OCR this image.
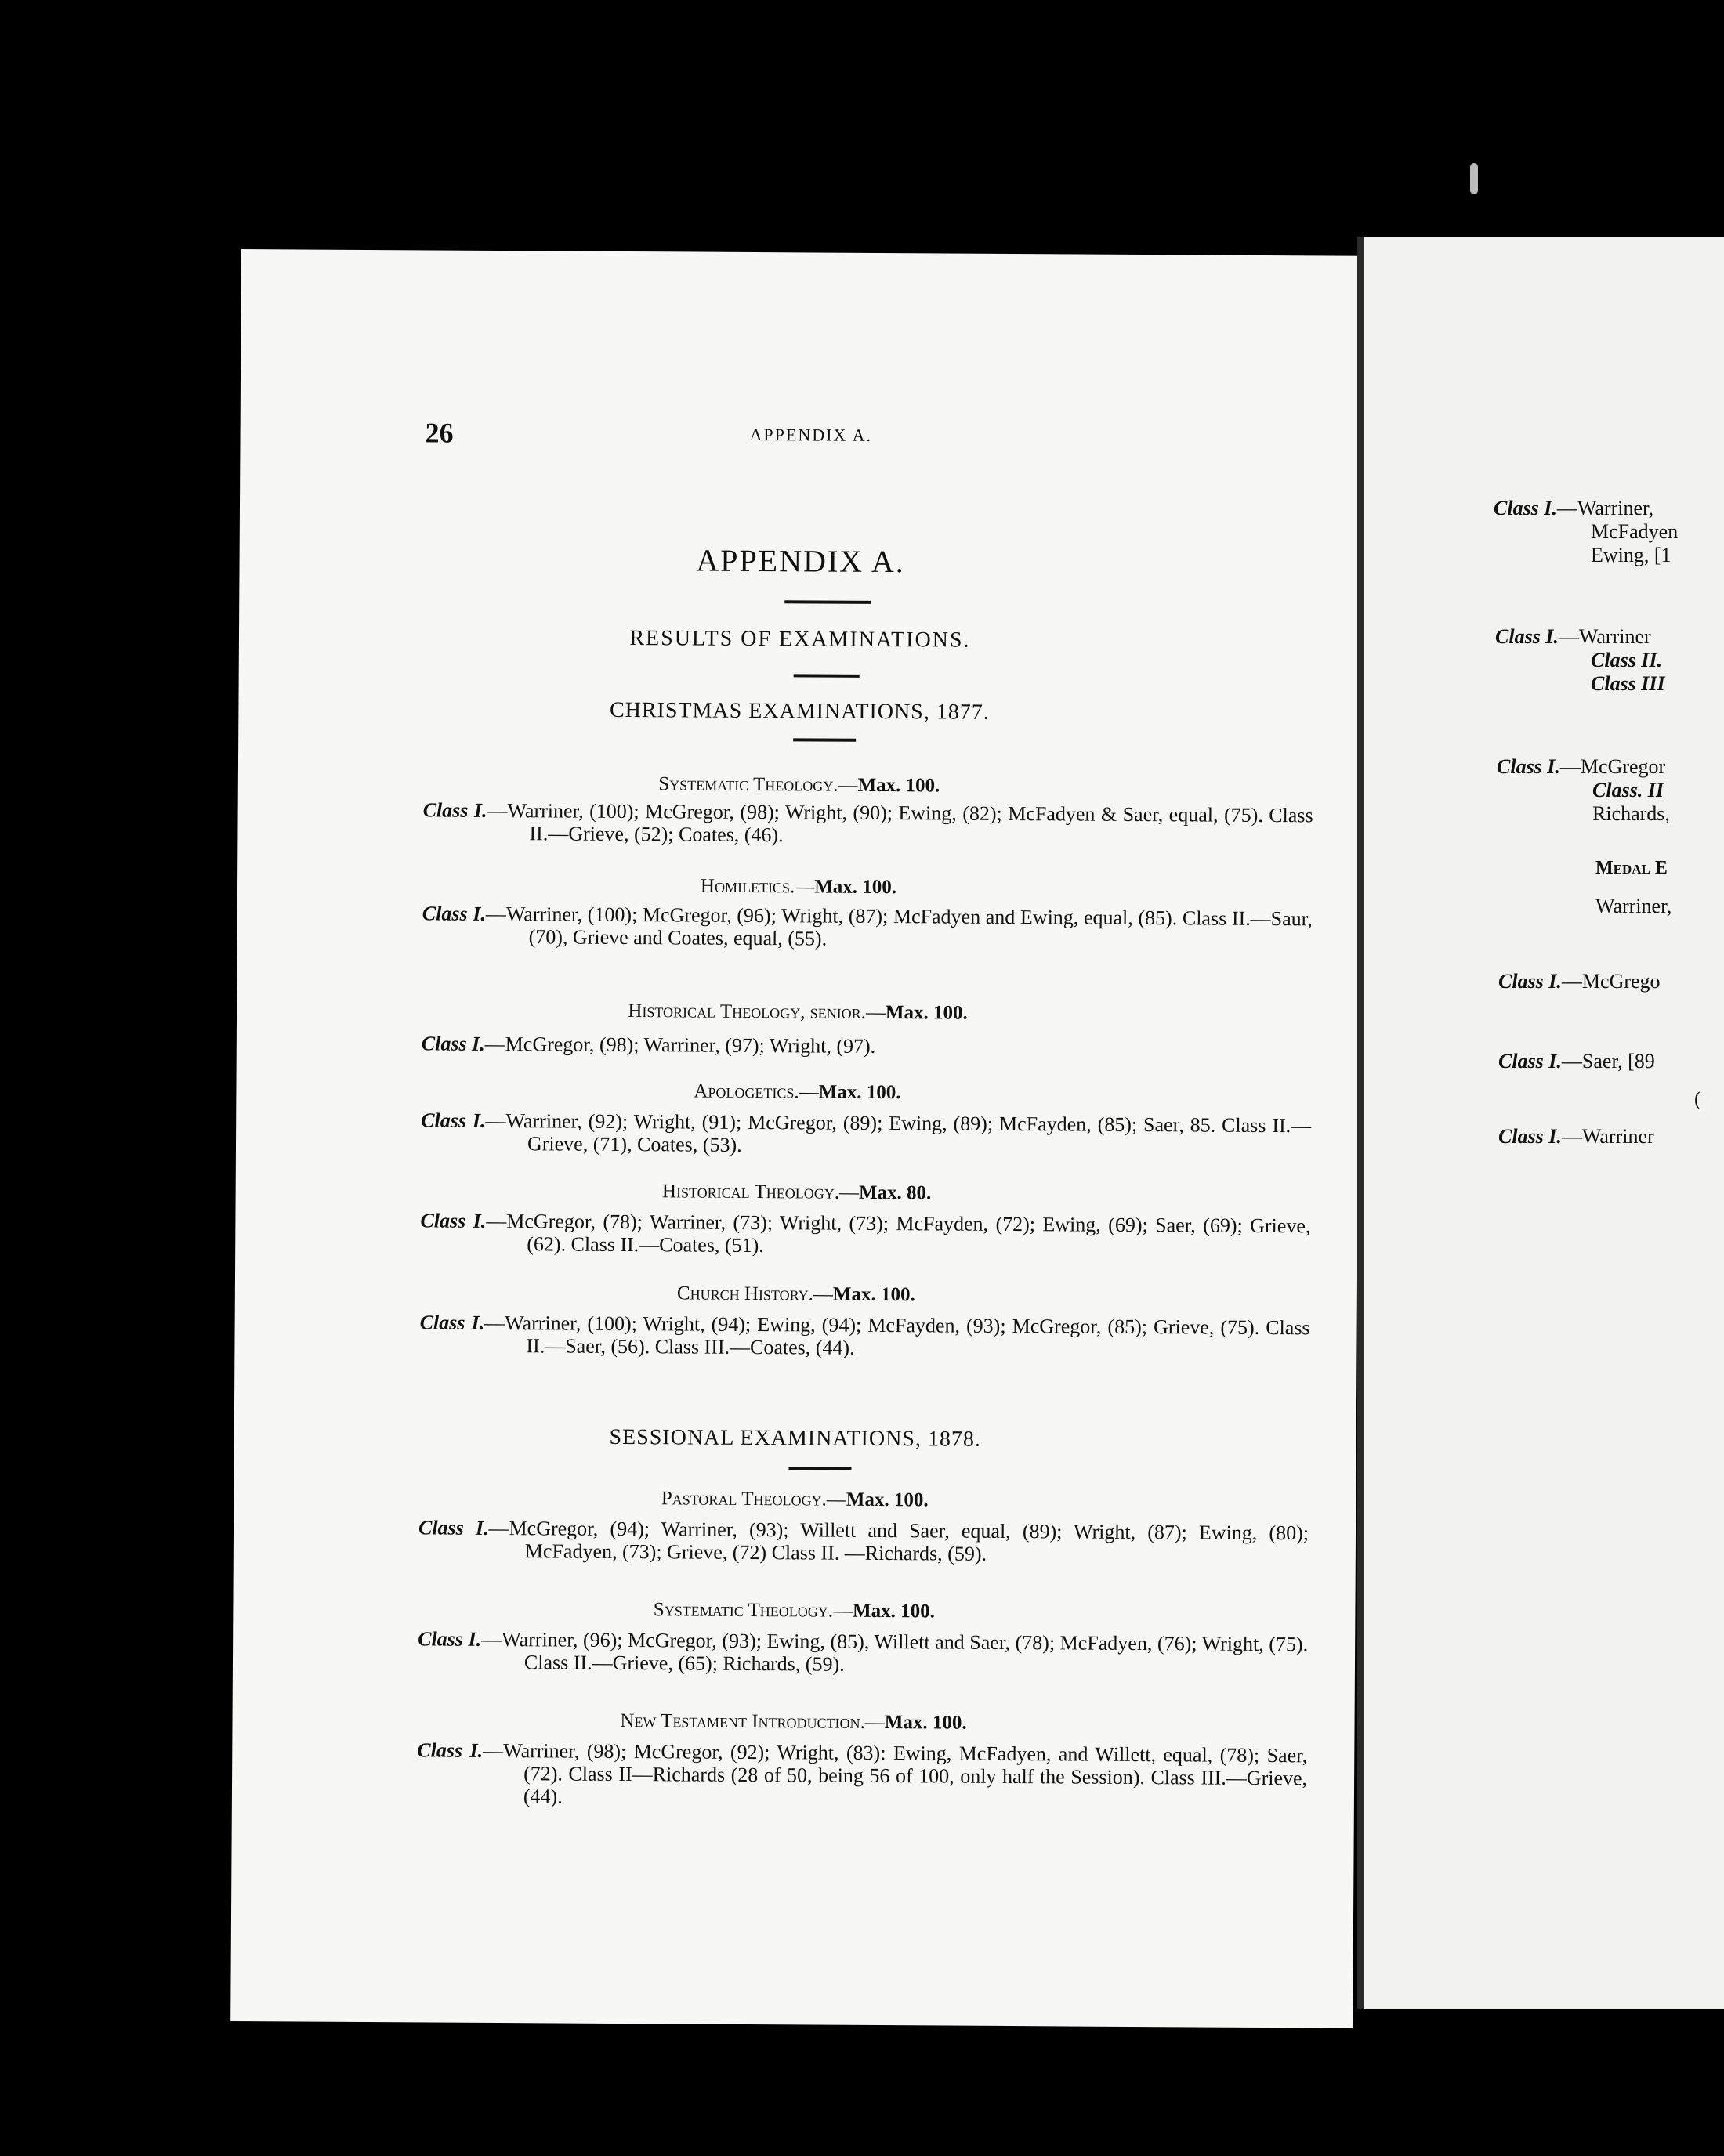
26	APPENDIX A.
APPENDIX A.
RESULTS OF EXAMINATIONS.
CHRISTMAS EXAMINATIONS, 1877.
Systematic Theology.—Max. 100.
Class I.—Warriner, (100); McGregor, (98); Wright, (90); Ewing, (82); McFadyen & Saer, equal, (75). Class II.—Grieve, (52); Coates, (46).
Homiletics.—Max. 100.
Class I.—Warriner, (100); McGregor, (96); Wright, (87); McFadyen and Ewing, equal, (85). Class II.—Saur, (70), Grieve and Coates, equal, (55).
Historical Theology, senior.—Max. 100.
Class I.—McGregor, (98); Warriner, (97); Wright, (97).
Apologetics.—Max. 100.
Class I.—Warriner, (92); Wright, (91); McGregor, (89); Ewing, (89); McFayden, (85); Saer, 85. Class II.—Grieve, (71), Coates, (53).
Historical Theology.—Max. 80.
Class I.—McGregor, (78); Warriner, (73); Wright, (73); McFayden, (72); Ewing, (69); Saer, (69); Grieve, (62). Class II.—Coates, (51).
Church History.—Max. 100.
Class I.—Warriner, (100); Wright, (94); Ewing, (94); McFayden, (93); McGregor, (85); Grieve, (75). Class II.—Saer, (56). Class III.—Coates, (44).
SESSIONAL EXAMINATIONS, 1878.
Pastoral Theology.—Max. 100.
Class I.—McGregor, (94); Warriner, (93); Willett and Saer, equal, (89); Wright, (87); Ewing, (80); McFadyen, (73); Grieve, (72) Class II. —Richards, (59).
Systematic Theology.—Max. 100.
Class I.—Warriner, (96); McGregor, (93); Ewing, (85), Willett and Saer, (78); McFadyen, (76); Wright, (75). Class II.—Grieve, (65); Richards, (59).
New Testament Introduction.—Max. 100.
Class I.—Warriner, (98); McGregor, (92); Wright, (83): Ewing, McFadyen, and Willett, equal, (78); Saer, (72). Class II—Richards (28 of 50, being 56 of 100, only half the Session). Class III.—Grieve, (44).
Class I.—Warriner,
McFadyen
Ewing, [1
Class I.—Warriner
Class II.
Class III
Class I.—McGregor
Class. II
Richards,
Medal E
Warriner,
Class I.—McGrego
Class I.—Saer, [89
(
Class I.—Warriner
